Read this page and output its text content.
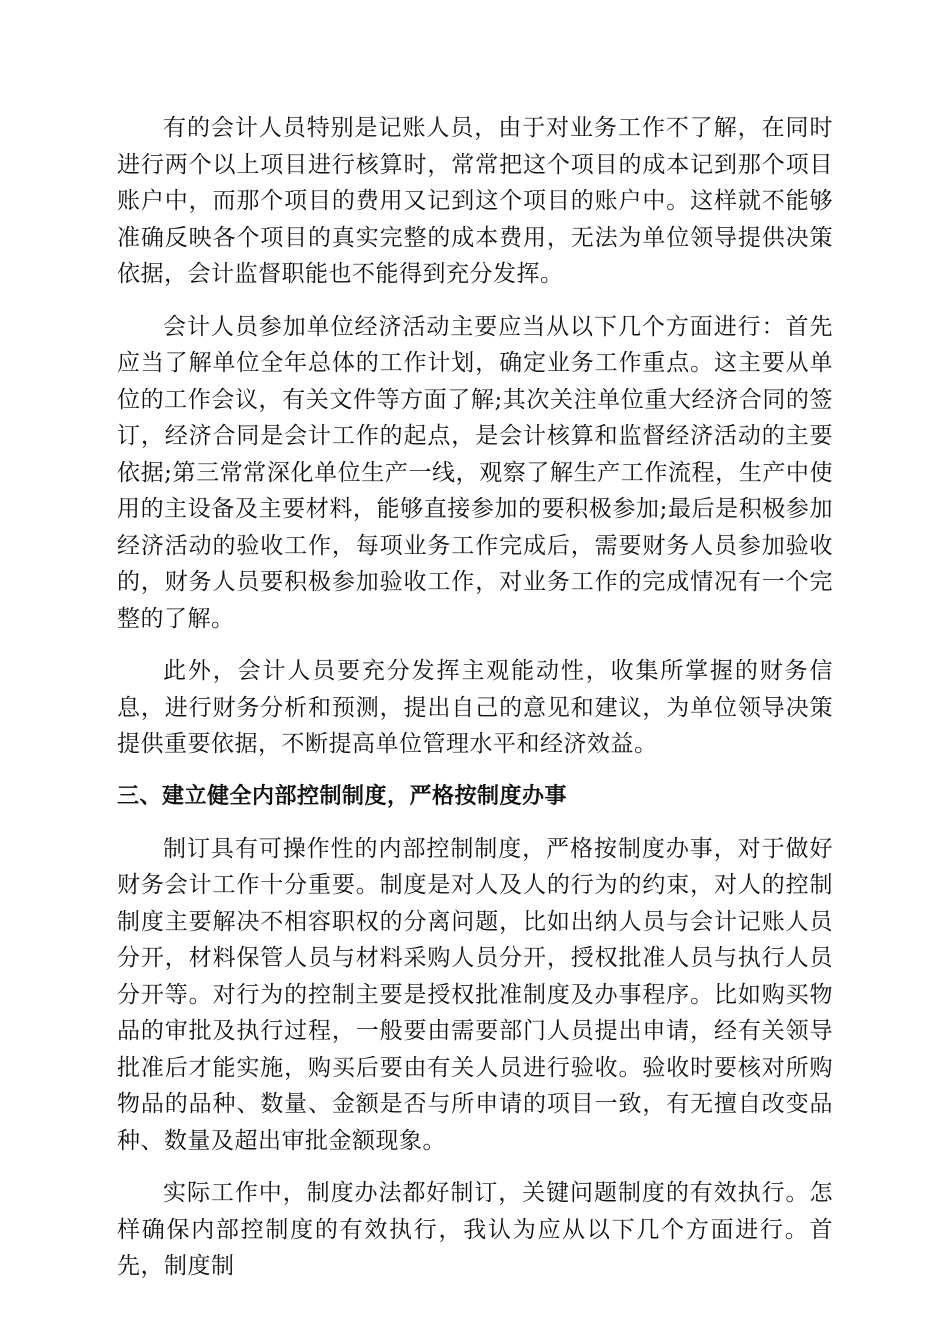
有的会计人员特别是记账人员，由于对业务工作不了解，在同时进行两个以上项目进行核算时，常常把这个项目的成本记到那个项目账户中，而那个项目的费用又记到这个项目的账户中。这样就不能够准确反映各个项目的真实完整的成本费用，无法为单位领导提供决策依据，会计监督职能也不能得到充分发挥。

会计人员参加单位经济活动主要应当从以下几个方面进行：首先应当了解单位全年总体的工作计划，确定业务工作重点。这主要从单位的工作会议，有关文件等方面了解;其次关注单位重大经济合同的签订，经济合同是会计工作的起点，是会计核算和监督经济活动的主要依据;第三常常深化单位生产一线，观察了解生产工作流程，生产中使用的主设备及主要材料，能够直接参加的要积极参加;最后是积极参加经济活动的验收工作，每项业务工作完成后，需要财务人员参加验收的，财务人员要积极参加验收工作，对业务工作的完成情况有一个完整的了解。

此外，会计人员要充分发挥主观能动性，收集所掌握的财务信息，进行财务分析和预测，提出自己的意见和建议，为单位领导决策提供重要依据，不断提高单位管理水平和经济效益。

三、建立健全内部控制制度，严格按制度办事

制订具有可操作性的内部控制制度，严格按制度办事，对于做好财务会计工作十分重要。制度是对人及人的行为的约束，对人的控制制度主要解决不相容职权的分离问题，比如出纳人员与会计记账人员分开，材料保管人员与材料采购人员分开，授权批准人员与执行人员分开等。对行为的控制主要是授权批准制度及办事程序。比如购买物品的审批及执行过程，一般要由需要部门人员提出申请，经有关领导批准后才能实施，购买后要由有关人员进行验收。验收时要核对所购物品的品种、数量、金额是否与所申请的项目一致，有无擅自改变品种、数量及超出审批金额现象。

实际工作中，制度办法都好制订，关键问题制度的有效执行。怎样确保内部控制度的有效执行，我认为应从以下几个方面进行。首先，制度制
